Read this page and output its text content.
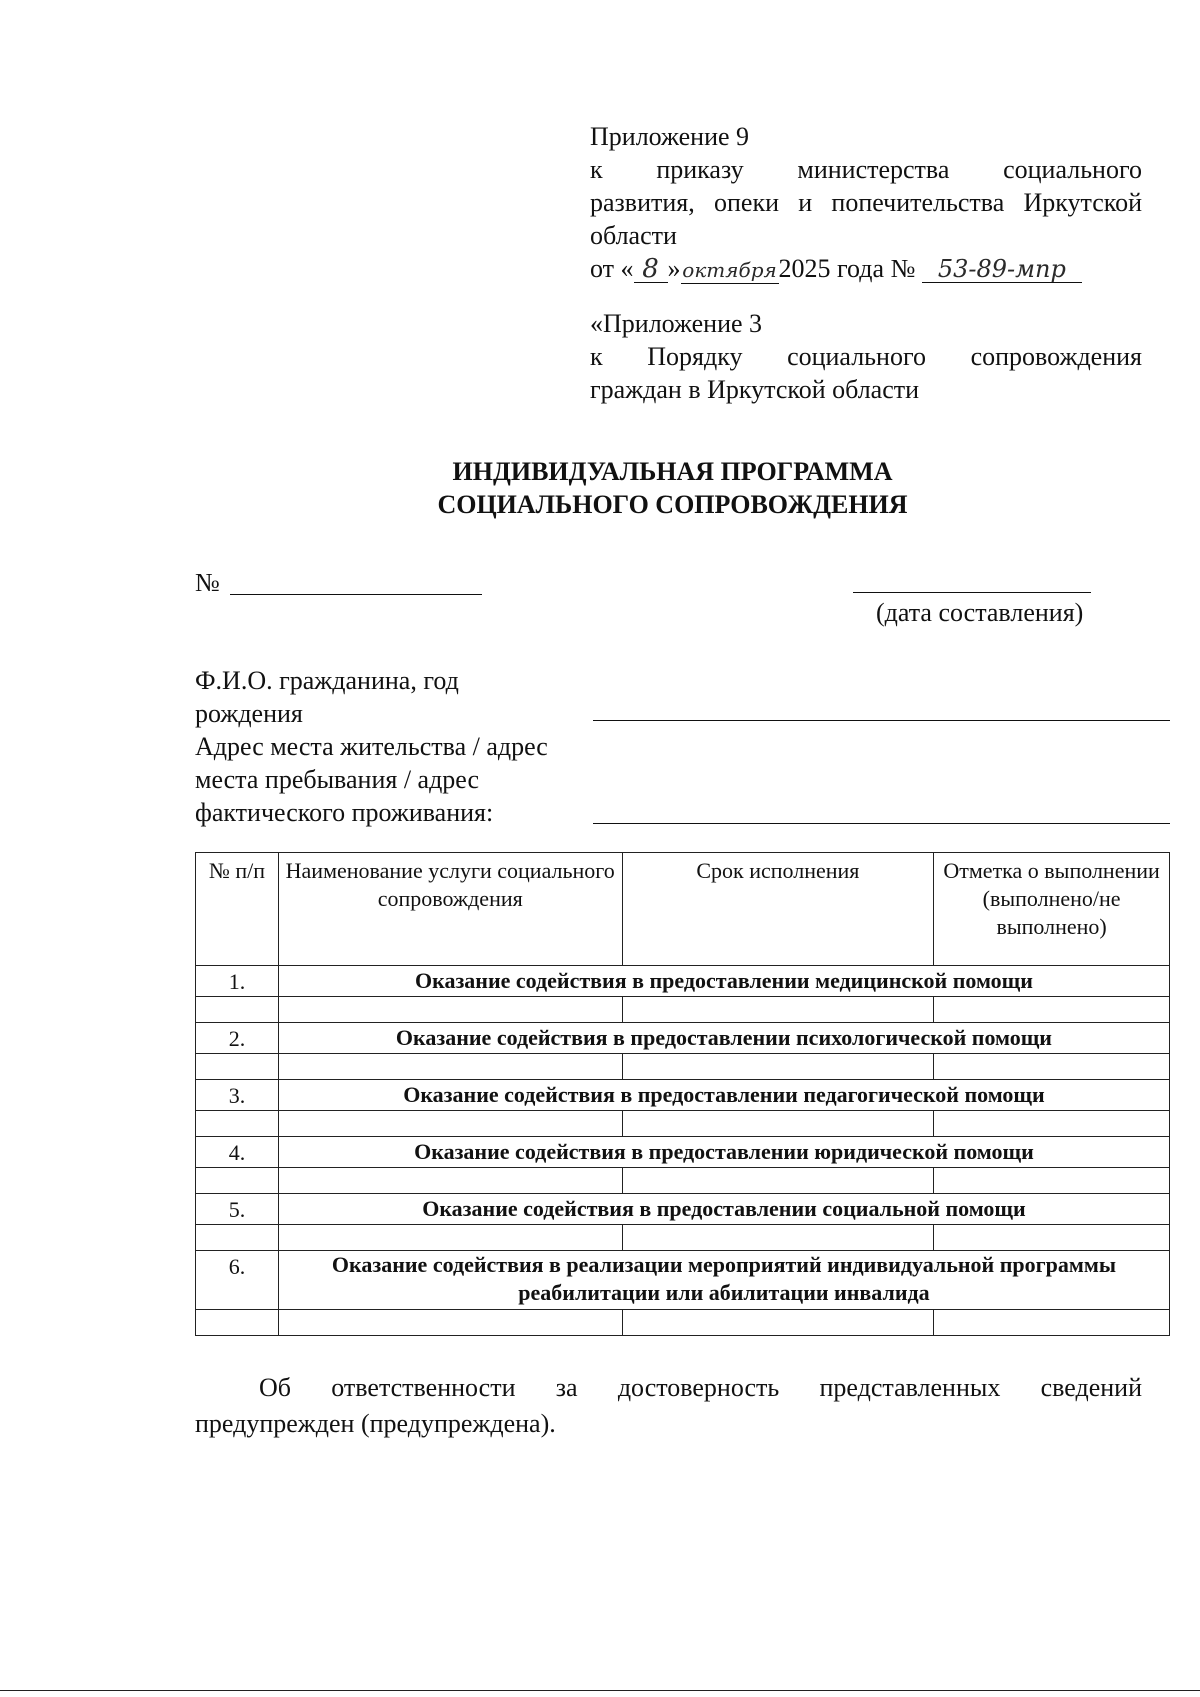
Приложение 9

к приказу министерства социального

развития, опеки и попечительства Иркутской

области

от « 8 »октября2025 года № 53-89-мпр

«Приложение 3

к Порядку социального сопровождения

граждан в Иркутской области

ИНДИВИДУАЛЬНАЯ ПРОГРАММА

СОЦИАЛЬНОГО СОПРОВОЖДЕНИЯ

№
(дата составления)

Ф.И.О. гражданина, год

рождения

Адрес места жительства / адрес

места пребывания / адрес

фактического проживания:

№ п/п	Наименование услуги социального сопровождения	Срок исполнения	Отметка о выполнении (выполнено/не выполнено)
1.	Оказание содействия в предоставлении медицинской помощи		

2.	Оказание содействия в предоставлении психологической помощи		

3.	Оказание содействия в предоставлении педагогической помощи		

4.	Оказание содействия в предоставлении юридической помощи		

5.	Оказание содействия в предоставлении социальной помощи		

6.	Оказание содействия в реализации мероприятий индивидуальной программы реабилитации или абилитации инвалида		

Об ответственности за достоверность представленных сведений

предупрежден (предупреждена).
